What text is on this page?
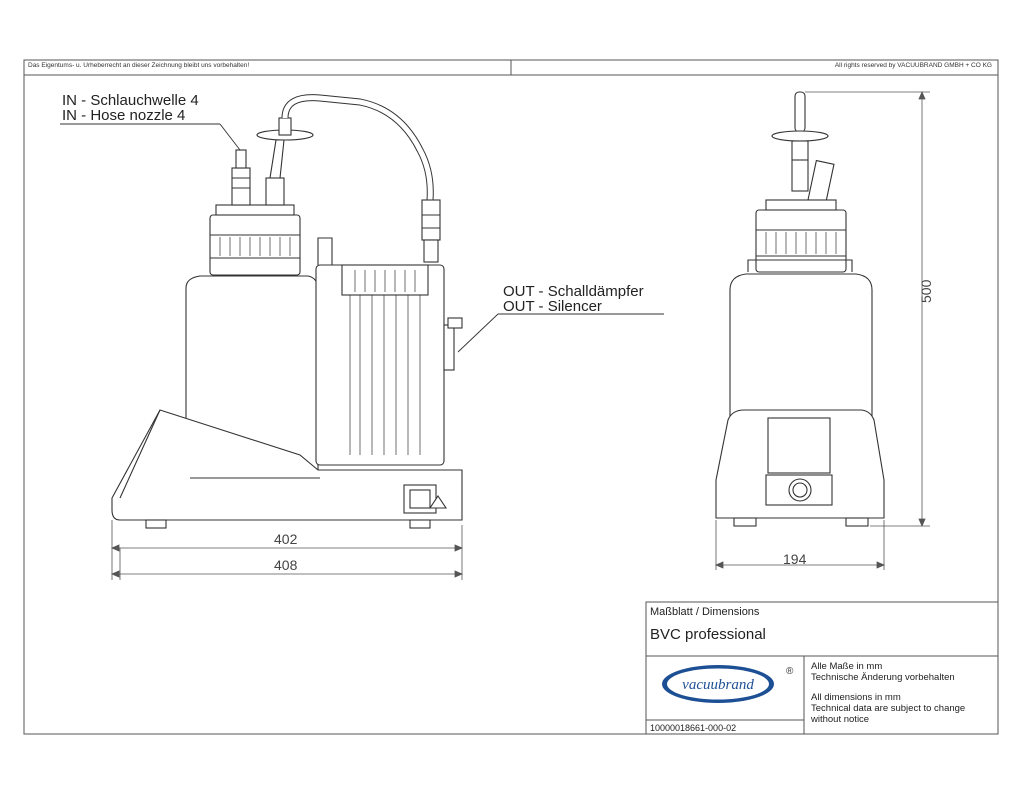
vacuubrand
®
Das Eigentums- u. Urheberrecht an dieser Zeichnung bleibt uns vorbehalten!	All rights reserved by VACUUBRAND GMBH + CO KG
IN - Schlauchwelle 4
IN - Hose nozzle 4
OUT - Schalldämpfer
OUT - Silencer
402
408	194
500
Maßblatt / Dimensions
BVC professional
Alle Maße in mm
Technische Änderung vorbehalten
All dimensions in mm
Technical data are subject to change
without notice
10000018661-000-02
